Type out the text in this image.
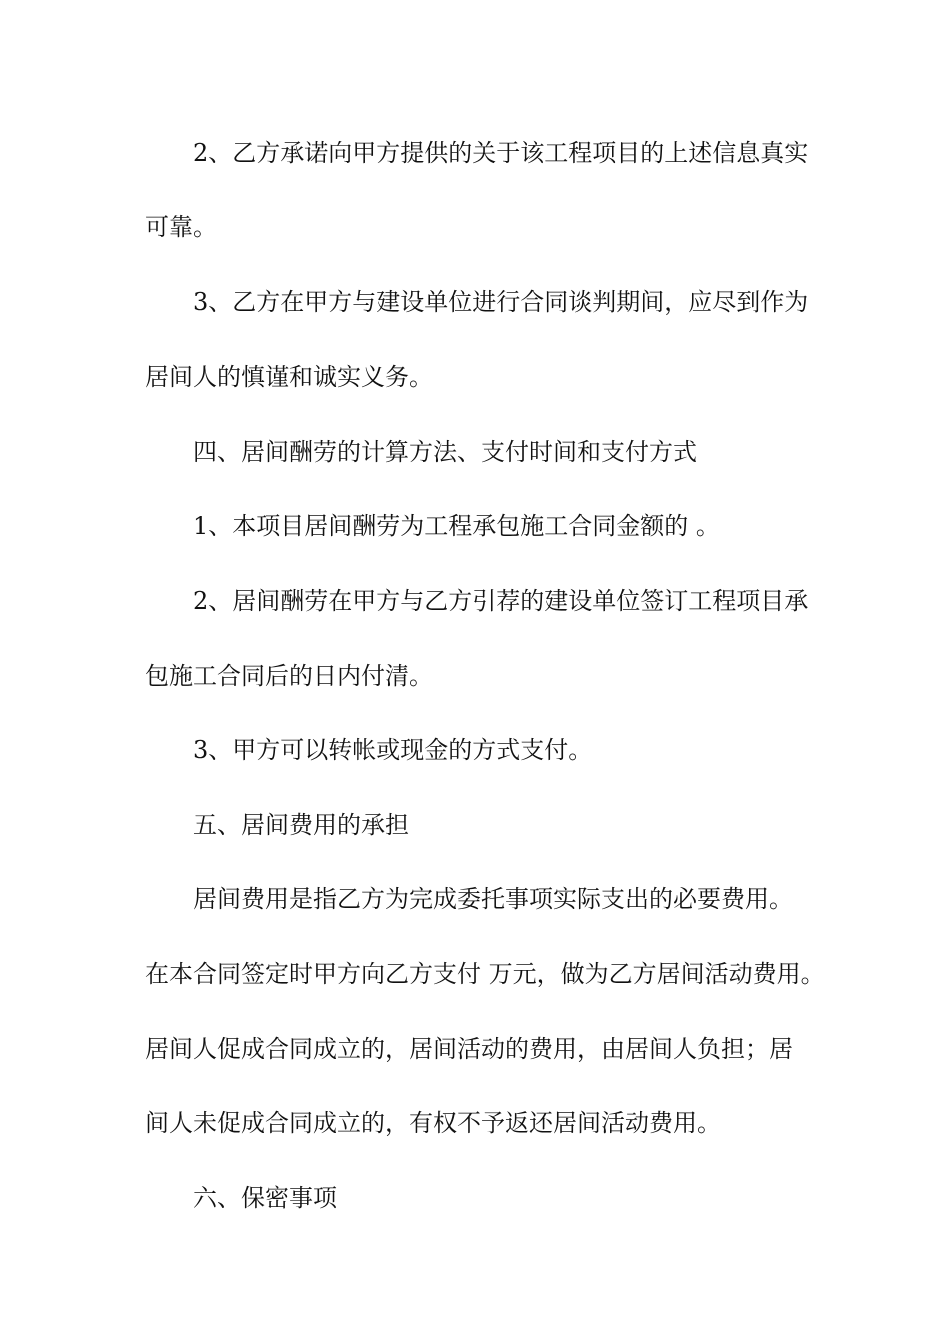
2、乙方承诺向甲方提供的关于该工程项目的上述信息真实
可靠。
3、乙方在甲方与建设单位进行合同谈判期间，应尽到作为
居间人的慎谨和诚实义务。
四、居间酬劳的计算方法、支付时间和支付方式
1、本项目居间酬劳为工程承包施工合同金额的 。
2、居间酬劳在甲方与乙方引荐的建设单位签订工程项目承
包施工合同后的日内付清。
3、甲方可以转帐或现金的方式支付。
五、居间费用的承担
居间费用是指乙方为完成委托事项实际支出的必要费用。
在本合同签定时甲方向乙方支付 万元，做为乙方居间活动费用。
居间人促成合同成立的，居间活动的费用，由居间人负担；居
间人未促成合同成立的，有权不予返还居间活动费用。
六、保密事项
